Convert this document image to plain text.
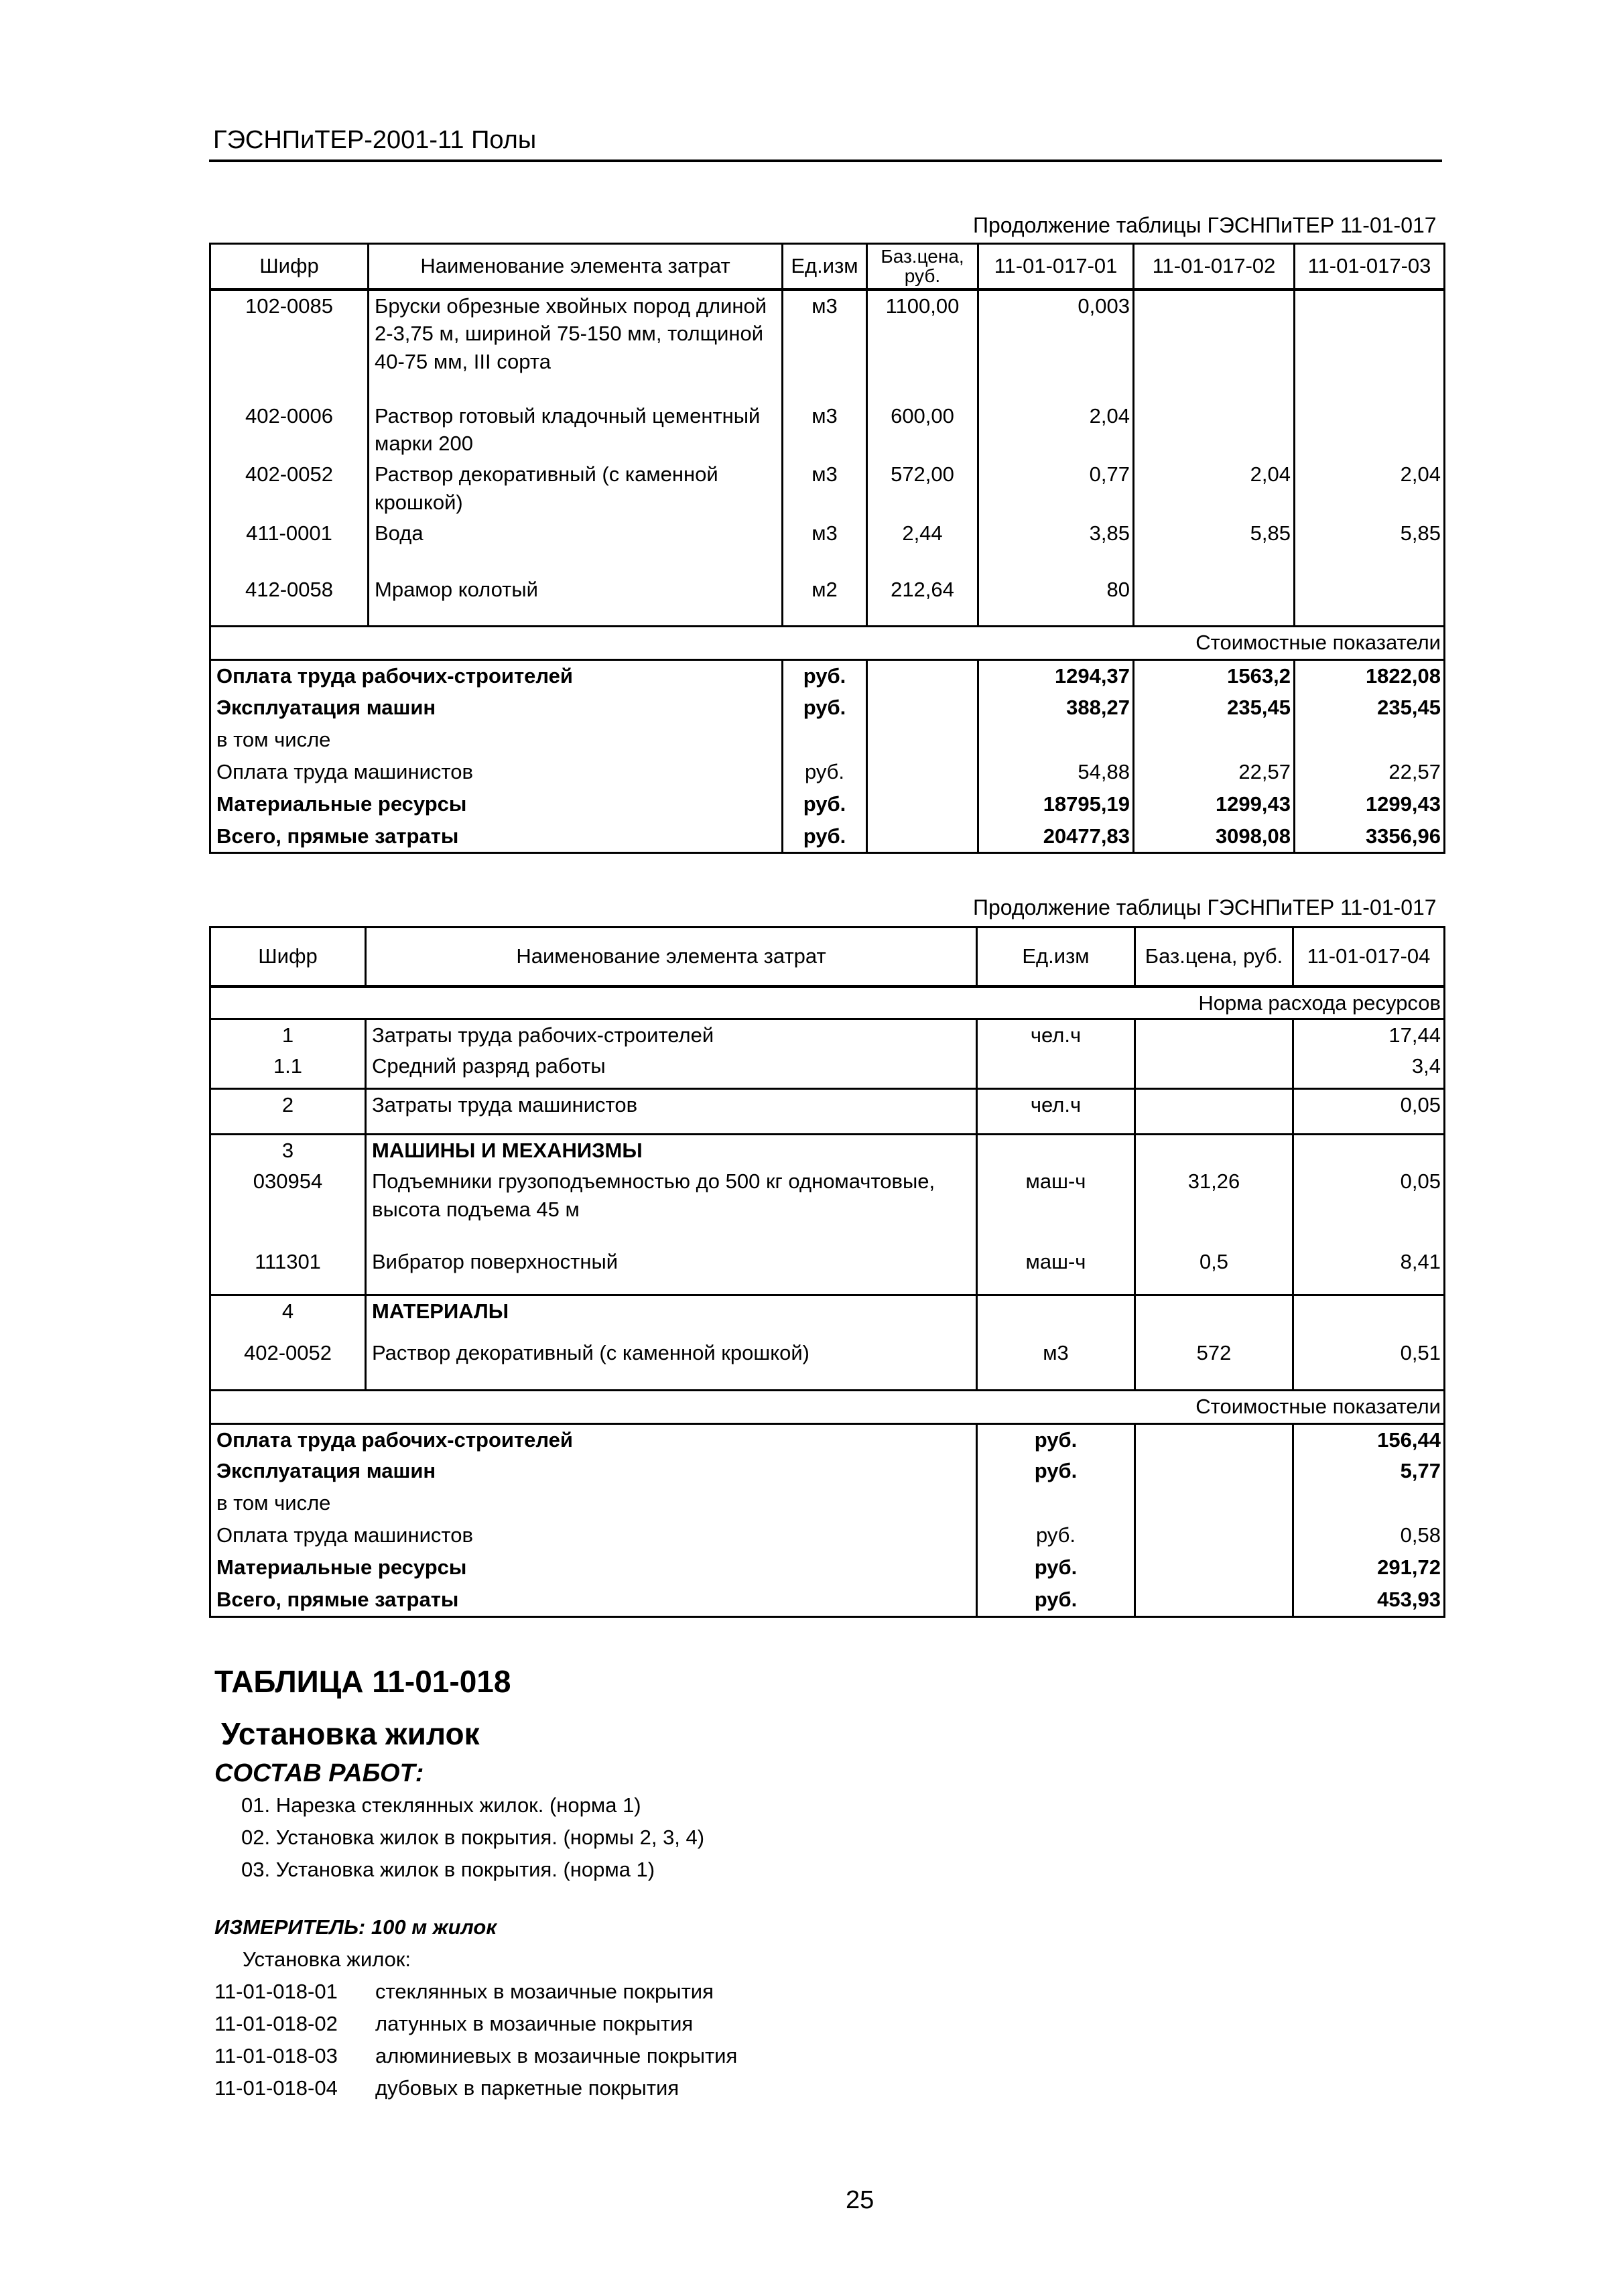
ГЭСНПиТЕР-2001-11 Полы
Продолжение таблицы ГЭСНПиТЕР 11-01-017
Шифр	Наименование элемента затрат	Ед.изм	Баз.цена, руб.	11-01-017-01	11-01-017-02	11-01-017-03
102-0085	Бруски обрезные хвойных пород длиной 2-3,75 м, шириной 75-150 мм, толщиной 40-75 мм, III сорта	м3	1100,00	0,003		
402-0006	Раствор готовый кладочный цементный марки 200	м3	600,00	2,04		
402-0052	Раствор декоративный (с каменной крошкой)	м3	572,00	0,77	2,04	2,04
411-0001	Вода	м3	2,44	3,85	5,85	5,85
412-0058	Мрамор колотый	м2	212,64	80		
Стоимостные показатели						
Оплата труда рабочих-строителей		руб.		1294,37	1563,2	1822,08
Эксплуатация машин		руб.		388,27	235,45	235,45
в том числе						
Оплата труда машинистов		руб.		54,88	22,57	22,57
Материальные ресурсы		руб.		18795,19	1299,43	1299,43
Всего, прямые затраты		руб.		20477,83	3098,08	3356,96
Продолжение таблицы ГЭСНПиТЕР 11-01-017
Шифр	Наименование элемента затрат	Ед.изм	Баз.цена, руб.	11-01-017-04
Норма расхода ресурсов				
1	Затраты труда рабочих-строителей	чел.ч		17,44
1.1	Средний разряд работы			3,4
2	Затраты труда машинистов	чел.ч		0,05
3	МАШИНЫ И МЕХАНИЗМЫ			
030954	Подъемники грузоподъемностью до 500 кг одномачтовые, высота подъема 45 м	маш-ч	31,26	0,05
111301	Вибратор поверхностный	маш-ч	0,5	8,41
4	МАТЕРИАЛЫ			
402-0052	Раствор декоративный (с каменной крошкой)	м3	572	0,51
Стоимостные показатели				
Оплата труда рабочих-строителей		руб.		156,44
Эксплуатация машин		руб.		5,77
в том числе				
Оплата труда машинистов		руб.		0,58
Материальные ресурсы		руб.		291,72
Всего, прямые затраты		руб.		453,93
ТАБЛИЦА 11-01-018
Установка жилок
СОСТАВ РАБОТ:
01. Нарезка стеклянных жилок. (норма 1)
02. Установка жилок в покрытия. (нормы 2, 3, 4)
03. Установка жилок в покрытия. (норма 1)
ИЗМЕРИТЕЛЬ: 100 м жилок
Установка жилок:
11-01-018-01 стеклянных в мозаичные покрытия
11-01-018-02 латунных в мозаичные покрытия
11-01-018-03 алюминиевых в мозаичные покрытия
11-01-018-04 дубовых в паркетные покрытия
25
